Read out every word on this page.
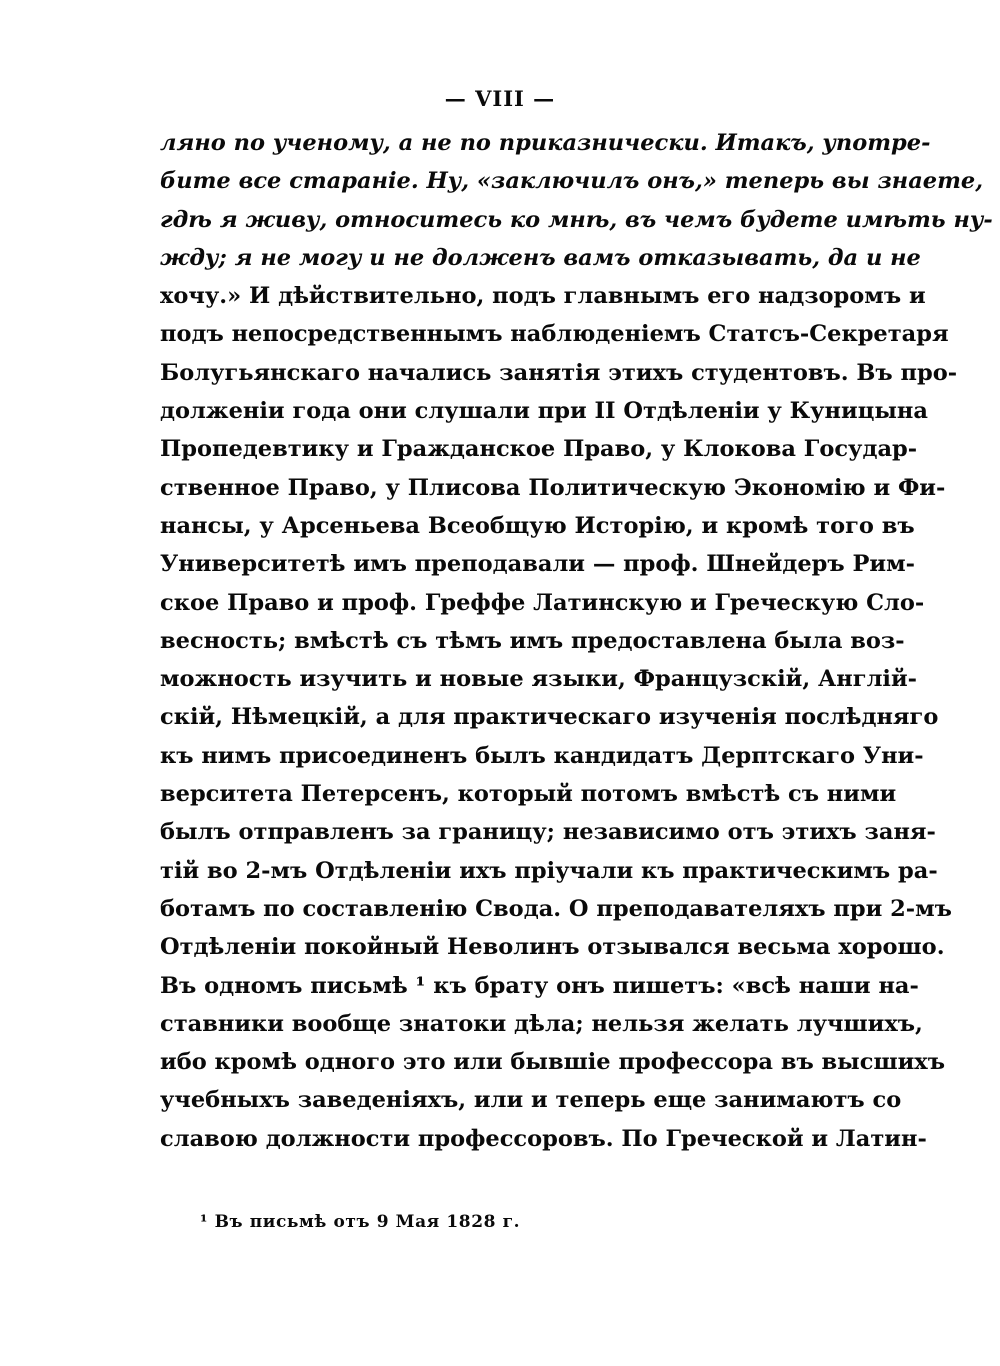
— VIII —
ляно по ученому, а не по приказнически. Итакъ, употре-
бите все старанie. Ну, «заключилъ онъ,» теперь вы знаете,
гдѣ я живу, относитесь ко мнѣ, въ чемъ будете имѣть ну-
жду; я не могу и не долженъ вамъ отказывать, да и не
хочу.» И дѣйствительно, подъ главнымъ его надзоромъ и
подъ непосредственнымъ наблюденiемъ Статсъ-Секретаря
Болугьянскаго начались занятiя этихъ студентовъ. Въ про-
долженiи года они слушали при II Отдѣленiи у Куницына
Пропедевтику и Гражданское Право, у Клокова Государ-
ственное Право, у Плисова Политическую Экономiю и Фи-
нансы, у Арсеньева Всеобщую Исторiю, и кромѣ того въ
Университетѣ имъ преподавали — проф. Шнейдеръ Рим-
ское Право и проф. Греффе Латинскую и Греческую Сло-
весность; вмѣстѣ съ тѣмъ имъ предоставлена была воз-
можность изучить и новые языки, Французскiй, Англiй-
скiй, Нѣмецкiй, а для практическаго изученiя послѣдняго
къ нимъ присоединенъ былъ кандидатъ Дерптскаго Уни-
верситета Петерсенъ, который потомъ вмѣстѣ съ ними
былъ отправленъ за границу; независимо отъ этихъ заня-
тiй во 2-мъ Отдѣленiи ихъ прiучали къ практическимъ ра-
ботамъ по составленiю Свода. О преподавателяхъ при 2-мъ
Отдѣленiи покойный Неволинъ отзывался весьма хорошо.
Въ одномъ письмѣ ¹ къ брату онъ пишетъ: «всѣ наши на-
ставники вообще знатоки дѣла; нельзя желать лучшихъ,
ибо кромѣ одного это или бывшiе профессора въ высшихъ
учебныхъ заведенiяхъ, или и теперь еще занимаютъ со
славою должности профессоровъ. По Греческой и Латин-
¹ Въ письмѣ отъ 9 Мая 1828 г.
